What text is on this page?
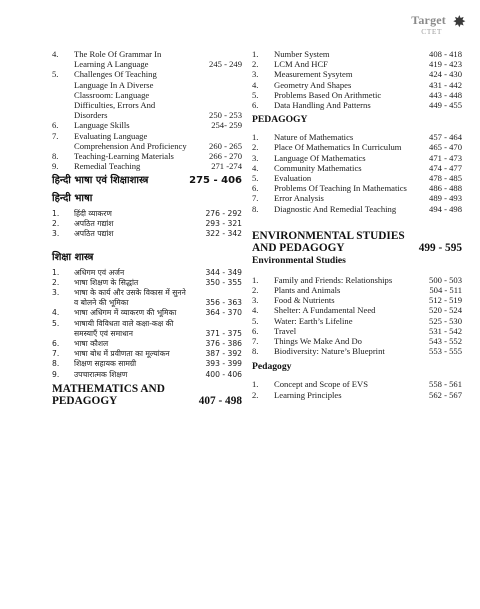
Target
CTET
✸
4.	The Role Of Grammar In Learning A Language	245 - 249
5.	Challenges Of Teaching Language In A Diverse Classroom: Language Difficulties, Errors And Disorders	250 - 253
6.	Language Skills	254- 259
7.	Evaluating Language Comprehension And Proficiency	260 - 265
8.	Teaching-Learning Materials	266 - 270
9.	Remedial Teaching	271 -274
हिन्दी भाषा एवं शिक्षाशास्त्र	275 - 406
हिन्दी भाषा
1.	हिंदी व्याकरण	276 - 292
2.	अपठित गद्यांश	293 - 321
3.	अपठित पद्यांश	322 - 342
शिक्षा शास्त्र
1.	अधिगम एवं अर्जन	344 - 349
2.	भाषा शिक्षण के सिद्धांत	350 - 355
3.	भाषा के कार्य और उसके विकास में सुनने व बोलने की भूमिका	356 - 363
4.	भाषा अधिगम में व्याकरण की भूमिका	364 - 370
5.	भाषायी विविधता वाले कक्षा-कक्ष की समस्याएँ एवं समाधान	371 - 375
6.	भाषा कौशल	376 - 386
7.	भाषा बोध में प्रवीणता का मूल्यांकन	387 - 392
8.	शिक्षण सहायक सामग्री	393 - 399
9.	उपचारात्मक शिक्षण	400 - 406
MATHEMATICS AND PEDAGOGY	407 - 498
1.	Number System	408 - 418
2.	LCM And HCF	419 - 423
3.	Measurement Sysytem	424 - 430
4.	Geometry And Shapes	431 - 442
5.	Problems Based On Arithmetic	443 - 448
6.	Data Handling And Patterns	449 - 455
PEDAGOGY
1.	Nature of Mathematics	457 - 464
2.	Place Of Mathematics In Curriculum	465 - 470
3.	Language Of Mathematics	471 - 473
4.	Community Mathematics	474 - 477
5.	Evaluation	478 - 485
6.	Problems Of Teaching In Mathematics	486 - 488
7.	Error Analysis	489 - 493
8.	Diagnostic And Remedial Teaching	494 - 498
ENVIRONMENTAL STUDIES AND PEDAGOGY	499 - 595
Environmental Studies
1.	Family and Friends: Relationships	500 - 503
2.	Plants and Animals	504 - 511
3.	Food & Nutrients	512 - 519
4.	Shelter: A Fundamental Need	520 - 524
5.	Water: Earth’s Lifeline	525 - 530
6.	Travel	531 - 542
7.	Things We Make And Do	543 - 552
8.	Biodiversity: Nature’s Blueprint	553 - 555
Pedagogy
1.	Concept and Scope of EVS	558 - 561
2.	Learning Principles	562 - 567
